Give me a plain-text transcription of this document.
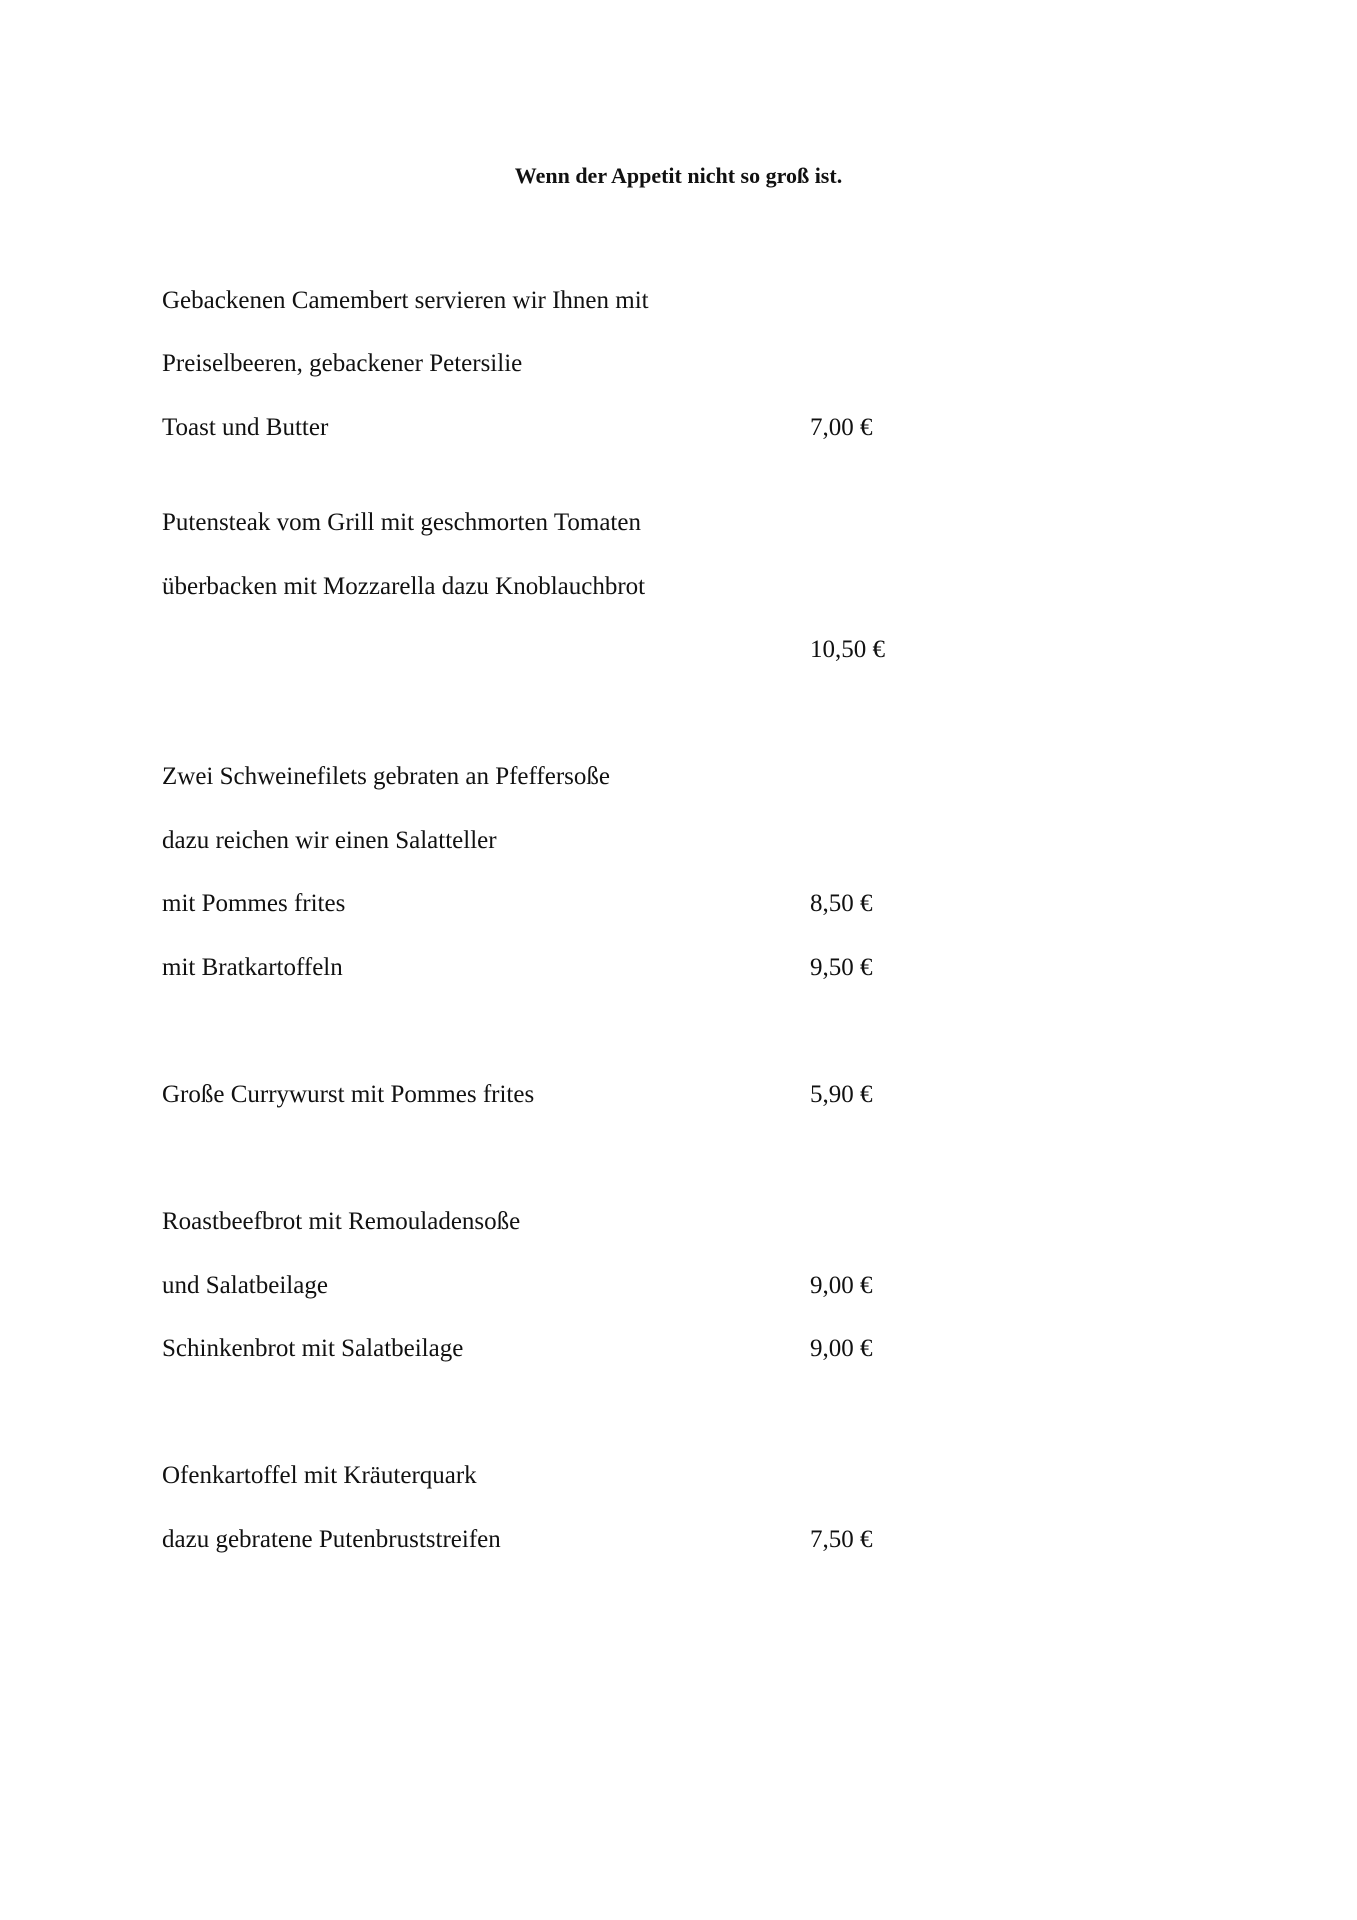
Wenn der Appetit nicht so groß ist.
Gebackenen Camembert servieren wir Ihnen mit
Preiselbeeren, gebackener Petersilie
Toast und Butter	7,00 €
Putensteak vom Grill mit geschmorten Tomaten
überbacken mit Mozzarella dazu Knoblauchbrot
10,50 €
Zwei Schweinefilets gebraten an Pfeffersoße
dazu reichen wir einen Salatteller
mit Pommes frites	8,50 €
mit Bratkartoffeln	9,50 €
Große Currywurst mit Pommes frites	5,90 €
Roastbeefbrot mit Remouladensoße
und Salatbeilage	9,00 €
Schinkenbrot mit Salatbeilage	9,00 €
Ofenkartoffel mit Kräuterquark
dazu gebratene Putenbruststreifen	7,50 €
